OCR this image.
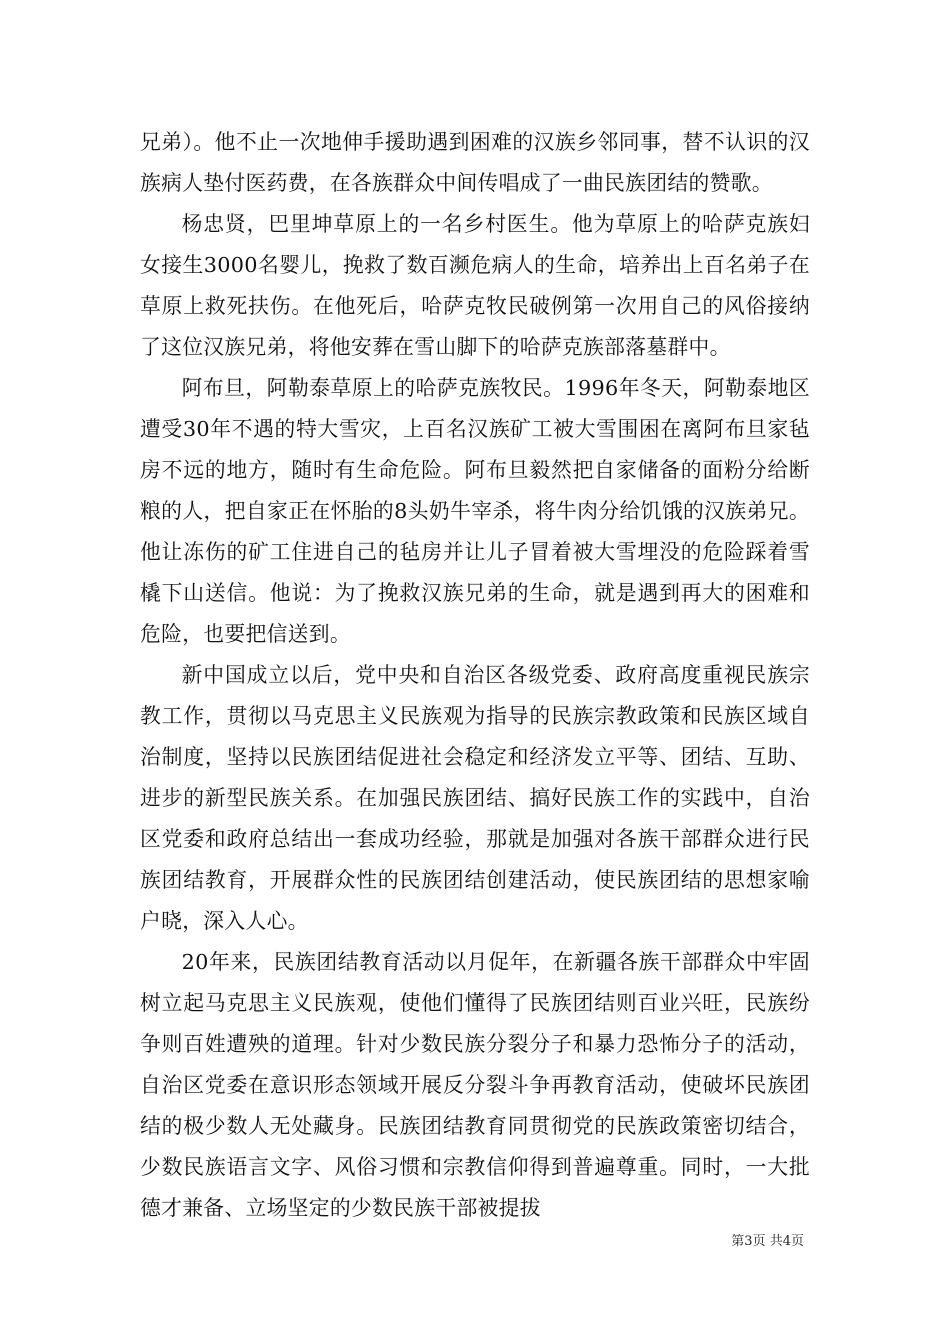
兄弟）。他不止一次地伸手援助遇到困难的汉族乡邻同事，替不认识的汉族病人垫付医药费，在各族群众中间传唱成了一曲民族团结的赞歌。

杨忠贤，巴里坤草原上的一名乡村医生。他为草原上的哈萨克族妇女接生3000名婴儿，挽救了数百濒危病人的生命，培养出上百名弟子在草原上救死扶伤。在他死后，哈萨克牧民破例第一次用自己的风俗接纳了这位汉族兄弟，将他安葬在雪山脚下的哈萨克族部落墓群中。

阿布旦，阿勒泰草原上的哈萨克族牧民。1996年冬天，阿勒泰地区遭受30年不遇的特大雪灾，上百名汉族矿工被大雪围困在离阿布旦家毡房不远的地方，随时有生命危险。阿布旦毅然把自家储备的面粉分给断粮的人，把自家正在怀胎的8头奶牛宰杀，将牛肉分给饥饿的汉族弟兄。他让冻伤的矿工住进自己的毡房并让儿子冒着被大雪埋没的危险踩着雪橇下山送信。他说：为了挽救汉族兄弟的生命，就是遇到再大的困难和危险，也要把信送到。

新中国成立以后，党中央和自治区各级党委、政府高度重视民族宗教工作，贯彻以马克思主义民族观为指导的民族宗教政策和民族区域自治制度，坚持以民族团结促进社会稳定和经济发立平等、团结、互助、进步的新型民族关系。在加强民族团结、搞好民族工作的实践中，自治区党委和政府总结出一套成功经验，那就是加强对各族干部群众进行民族团结教育，开展群众性的民族团结创建活动，使民族团结的思想家喻户晓，深入人心。

20年来，民族团结教育活动以月促年，在新疆各族干部群众中牢固树立起马克思主义民族观，使他们懂得了民族团结则百业兴旺，民族纷争则百姓遭殃的道理。针对少数民族分裂分子和暴力恐怖分子的活动，自治区党委在意识形态领域开展反分裂斗争再教育活动，使破坏民族团结的极少数人无处藏身。民族团结教育同贯彻党的民族政策密切结合，少数民族语言文字、风俗习惯和宗教信仰得到普遍尊重。同时，一大批德才兼备、立场坚定的少数民族干部被提拔

第3页 共4页
